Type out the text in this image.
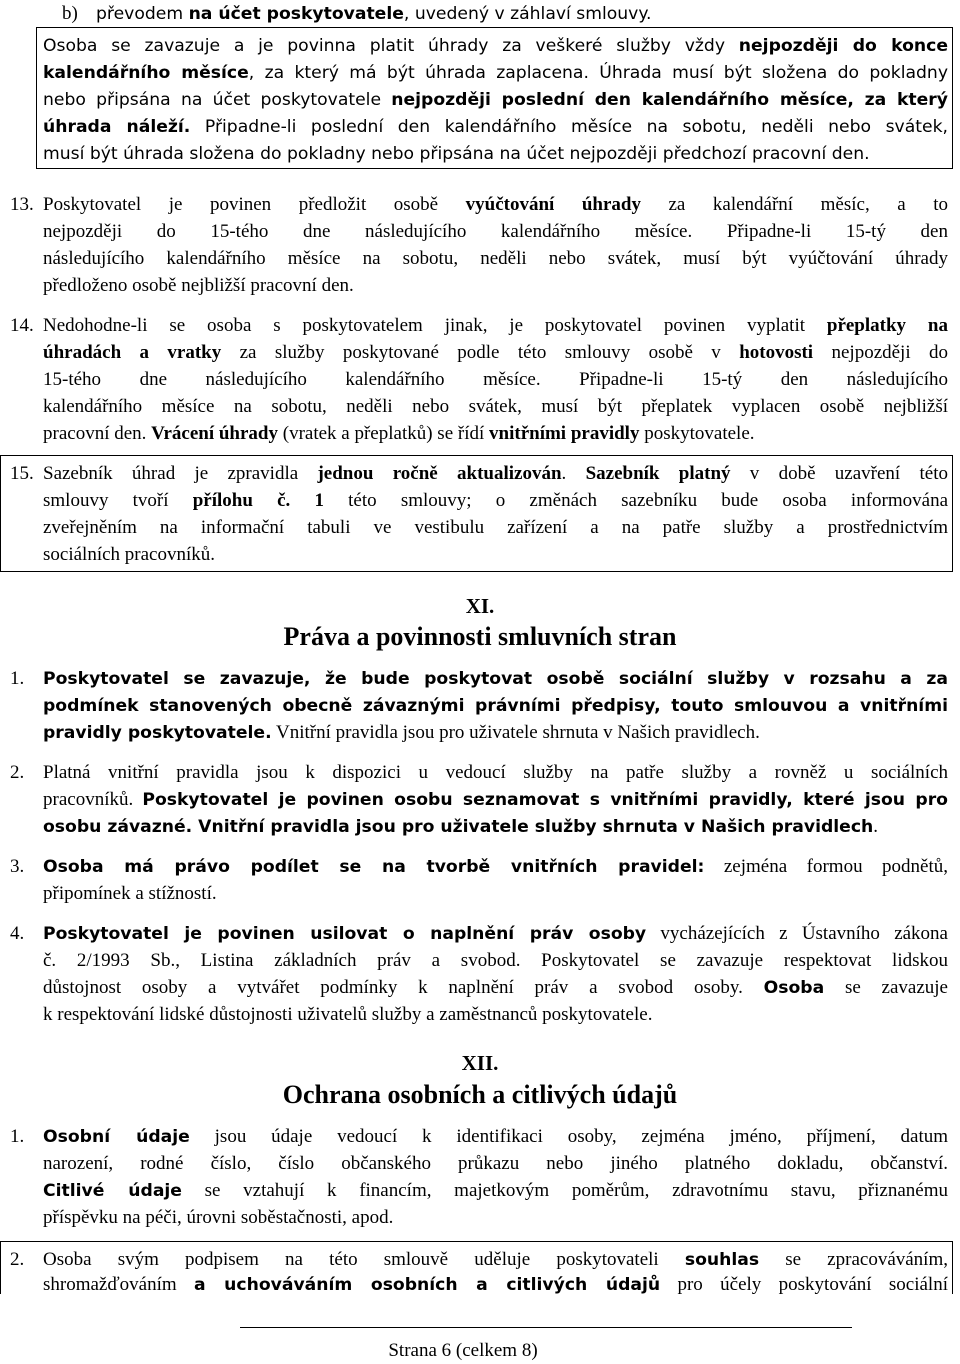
b) převodem na účet poskytovatele, uvedený v záhlaví smlouvy.
Osoba se zavazuje a je povinna platit úhrady za veškeré služby vždy nejpozději do konce
kalendářního měsíce, za který má být úhrada zaplacena. Úhrada musí být složena do pokladny
nebo připsána na účet poskytovatele nejpozději poslední den kalendářního měsíce, za který
úhrada náleží. Připadne-li poslední den kalendářního měsíce na sobotu, neděli nebo svátek,
musí být úhrada složena do pokladny nebo připsána na účet nejpozději předchozí pracovní den.
13. Poskytovatel je povinen předložit osobě vyúčtování úhrady za kalendářní měsíc, a to
nejpozději do 15-tého dne následujícího kalendářního měsíce. Připadne-li 15-tý den
následujícího kalendářního měsíce na sobotu, neděli nebo svátek, musí být vyúčtování úhrady
předloženo osobě nejbližší pracovní den.
14. Nedohodne-li se osoba s poskytovatelem jinak, je poskytovatel povinen vyplatit přeplatky na
úhradách a vratky za služby poskytované podle této smlouvy osobě v hotovosti nejpozději do
15-tého dne následujícího kalendářního měsíce. Připadne-li 15-tý den následujícího
kalendářního měsíce na sobotu, neděli nebo svátek, musí být přeplatek vyplacen osobě nejbližší
pracovní den. Vrácení úhrady (vratek a přeplatků) se řídí vnitřními pravidly poskytovatele.
15. Sazebník úhrad je zpravidla jednou ročně aktualizován. Sazebník platný v době uzavření této
smlouvy tvoří přílohu č. 1 této smlouvy; o změnách sazebníku bude osoba informována
zveřejněním na informační tabuli ve vestibulu zařízení a na patře služby a prostřednictvím
sociálních pracovníků.
XI.
Práva a povinnosti smluvních stran
1. Poskytovatel se zavazuje, že bude poskytovat osobě sociální služby v rozsahu a za
podmínek stanovených obecně závaznými právními předpisy, touto smlouvou a vnitřními
pravidly poskytovatele. Vnitřní pravidla jsou pro uživatele shrnuta v Našich pravidlech.
2. Platná vnitřní pravidla jsou k dispozici u vedoucí služby na patře služby a rovněž u sociálních
pracovníků. Poskytovatel je povinen osobu seznamovat s vnitřními pravidly, které jsou pro
osobu závazné. Vnitřní pravidla jsou pro uživatele služby shrnuta v Našich pravidlech.
3. Osoba má právo podílet se na tvorbě vnitřních pravidel: zejména formou podnětů,
připomínek a stížností.
4. Poskytovatel je povinen usilovat o naplnění práv osoby vycházejících z Ústavního zákona
č. 2/1993 Sb., Listina základních práv a svobod. Poskytovatel se zavazuje respektovat lidskou
důstojnost osoby a vytvářet podmínky k naplnění práv a svobod osoby. Osoba se zavazuje
k respektování lidské důstojnosti uživatelů služby a zaměstnanců poskytovatele.
XII.
Ochrana osobních a citlivých údajů
1. Osobní údaje jsou údaje vedoucí k identifikaci osoby, zejména jméno, příjmení, datum
narození, rodné číslo, číslo občanského průkazu nebo jiného platného dokladu, občanství.
Citlivé údaje se vztahují k financím, majetkovým poměrům, zdravotnímu stavu, přiznanému
příspěvku na péči, úrovni soběstačnosti, apod.
2. Osoba svým podpisem na této smlouvě uděluje poskytovateli souhlas se zpracováváním,
shromažďováním a uchováváním osobních a citlivých údajů pro účely poskytování sociální
Strana 6 (celkem 8)
